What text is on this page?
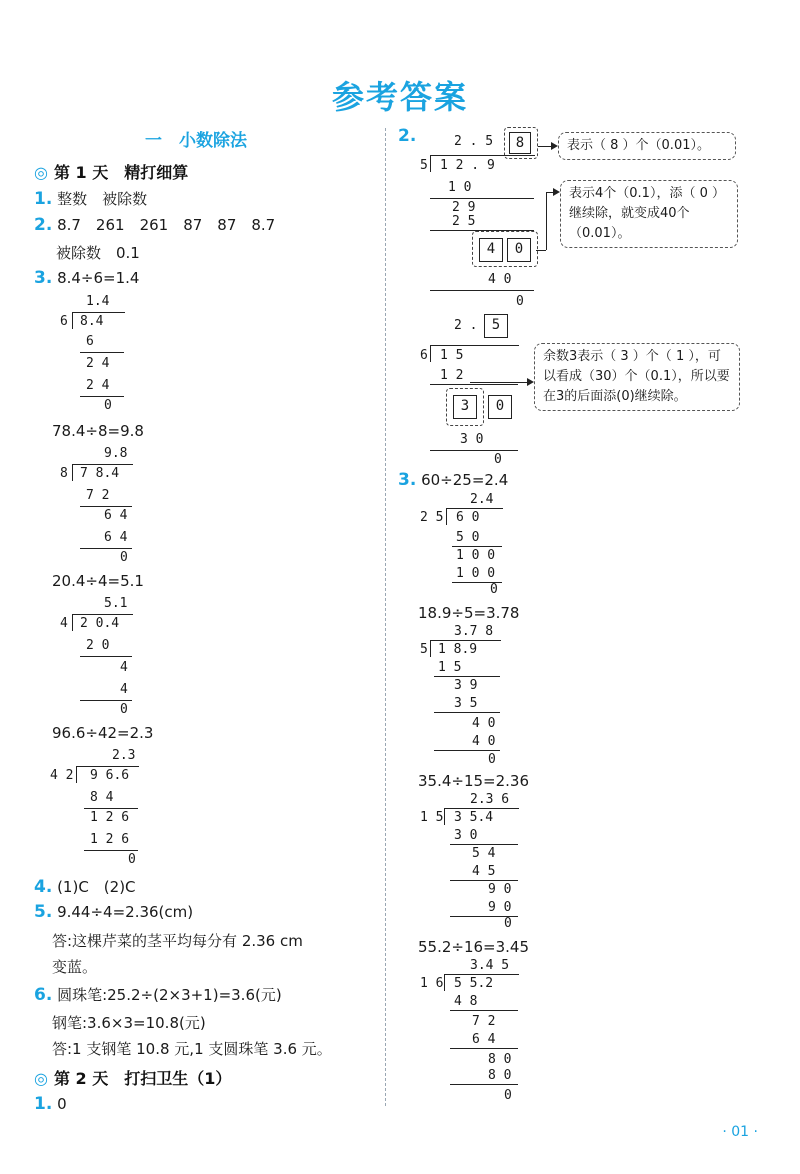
参考答案
一　小数除法
◎ 第 1 天　精打细算
1. 整数　被除数
2. 8.7　261　261　87　87　8.7
被除数　0.1
3. 8.4÷6=1.4
1.4
6 8.4
6
2 4
2 4
0
78.4÷8=9.8
9.8
8 7 8.4
7 2
6 4
6 4
0
20.4÷4=5.1
5.1
4 2 0.4
2 0
4
4
0
96.6÷42=2.3
2.3
4 2 9 6.6
8 4
1 2 6
1 2 6
0
4. (1)C　(2)C
5. 9.44÷4=2.36(cm)
答:这棵芹菜的茎平均每分有 2.36 cm
变蓝。
6. 圆珠笔:25.2÷(2×3+1)=3.6(元)
钢笔:3.6×3=10.8(元)
答:1 支钢笔 10.8 元,1 支圆珠笔 3.6 元。
◎ 第 2 天　打扫卫生（1）
1. 0
2.	2 . 5	8
5 1 2 . 9
1 0
2 9
2 5
4	0
4 0
0
表示（ 8 ）个（0.01）。
表示4个（0.1），添（ 0 ）继续除，就变成40个（0.01）。
2 .	5
6 1 5
1 2
3	0
3 0
0
余数3表示（ 3 ）个（ 1 ），可以看成（30）个（0.1），所以要在3的后面添(0)继续除。
3. 60÷25=2.4
2.4
2 5 6 0
5 0
1 0 0
1 0 0
0
18.9÷5=3.78
3.7 8
5 1 8.9
1 5
3 9
3 5
4 0
4 0
0
35.4÷15=2.36
2.3 6
1 5 3 5.4
3 0
5 4
4 5
9 0
9 0
0
55.2÷16=3.45
3.4 5
1 6 5 5.2
4 8
7 2
6 4
8 0
8 0
0
· 01 ·
